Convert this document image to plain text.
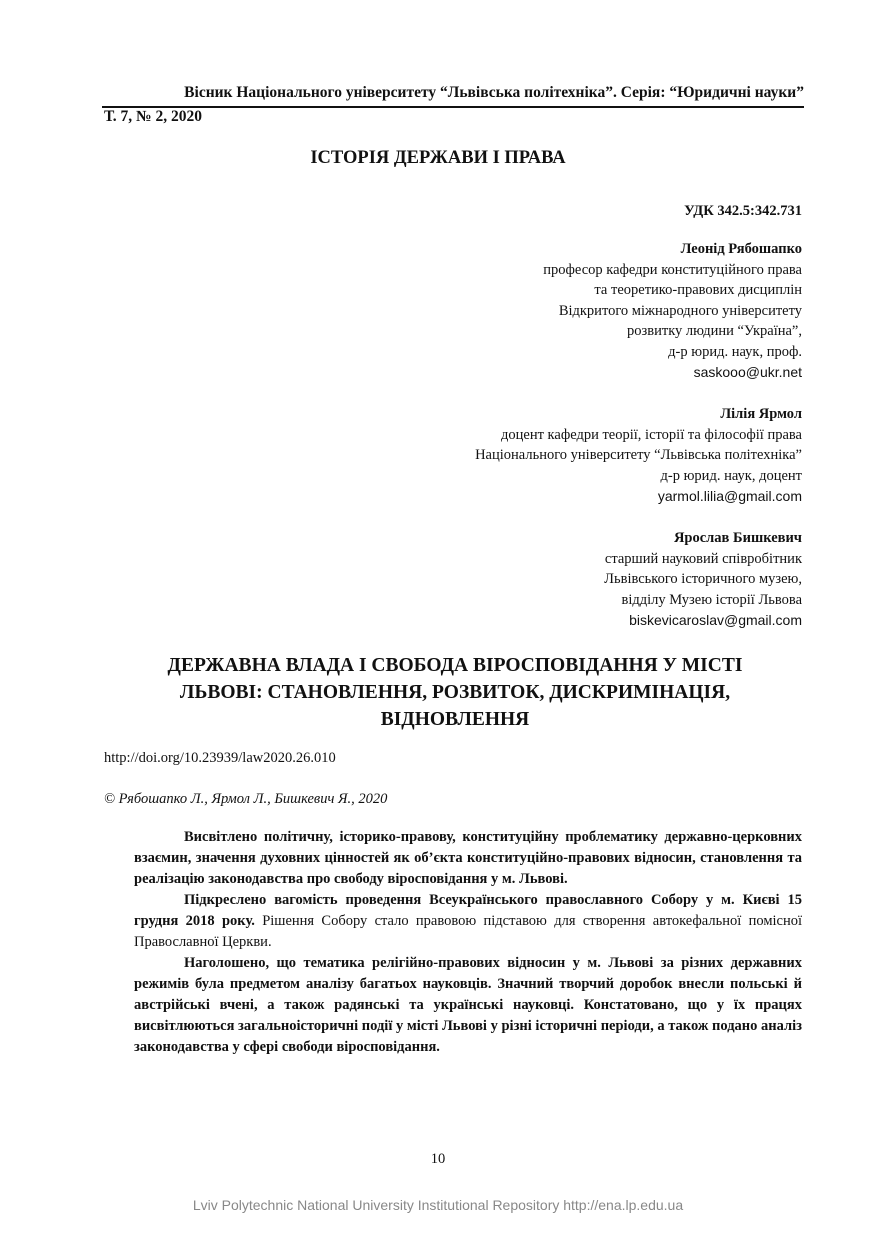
Вісник Національного університету “Львівська політехніка”. Серія: “Юридичні науки”
Т. 7, № 2, 2020
ІСТОРІЯ ДЕРЖАВИ І ПРАВА
УДК 342.5:342.731
Леонід Рябошапко
професор кафедри конституційного права
та теоретико-правових дисциплін
Відкритого міжнародного університету
розвитку людини “Україна”,
д-р юрид. наук, проф.
saskooo@ukr.net
Лілія Ярмол
доцент кафедри теорії, історії та філософії права
Національного університету “Львівська політехніка”
д-р юрид. наук, доцент
yarmol.lilia@gmail.com
Ярослав Бишкевич
старший науковий співробітник
Львівського історичного музею,
відділу Музею історії Львова
biskevicaroslav@gmail.com
ДЕРЖАВНА ВЛАДА І СВОБОДА ВІРОСПОВІДАННЯ У МІСТІ
ЛЬВОВІ: СТАНОВЛЕННЯ, РОЗВИТОК, ДИСКРИМІНАЦІЯ,
ВІДНОВЛЕННЯ
http://doi.org/10.23939/law2020.26.010
© Рябошапко Л., Ярмол Л., Бишкевич Я., 2020

Висвітлено політичну, історико-правову, конституційну проблематику державно-церковних взаємин, значення духовних цінностей як об’єкта конституційно-правових відносин, становлення та реалізацію законодавства про свободу віросповідання у м. Львові.

Підкреслено вагомість проведення Всеукраїнського православного Собору у м. Києві 15 грудня 2018 року. Рішення Собору стало правовою підставою для створення автокефальної помісної Православної Церкви.

Наголошено, що тематика релігійно-правових відносин у м. Львові за різних державних режимів була предметом аналізу багатьох науковців. Значний творчий доробок внесли польські й австрійські вчені, а також радянські та українські науковці. Констатовано, що у їх працях висвітлюються загальноісторичні події у місті Львові у різні історичні періоди, а також подано аналіз законодавства у сфері свободи віросповідання.

10
Lviv Polytechnic National University Institutional Repository http://ena.lp.edu.ua
